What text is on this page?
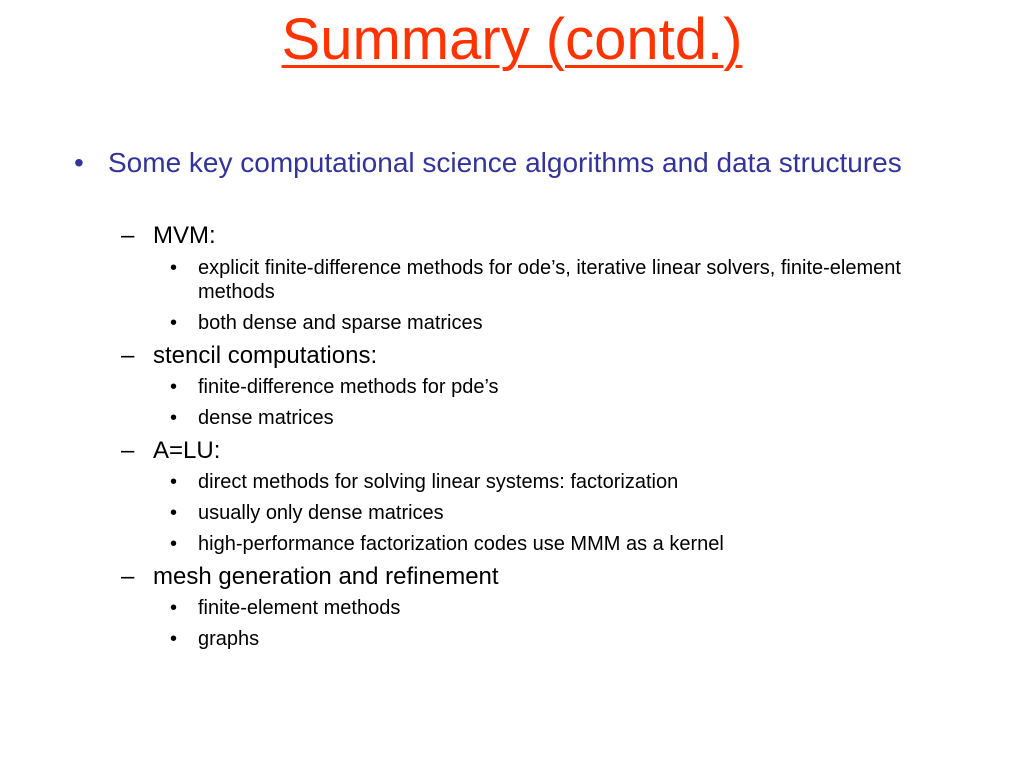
Summary (contd.)
• Some key computational science algorithms and data structures
– MVM:
• explicit finite-difference methods for ode’s, iterative linear solvers, finite-element methods
• both dense and sparse matrices
– stencil computations:
• finite-difference methods for pde’s
• dense matrices
– A=LU:
• direct methods for solving linear systems: factorization
• usually only dense matrices
• high-performance factorization codes use MMM as a kernel
– mesh generation and refinement
• finite-element methods
• graphs
